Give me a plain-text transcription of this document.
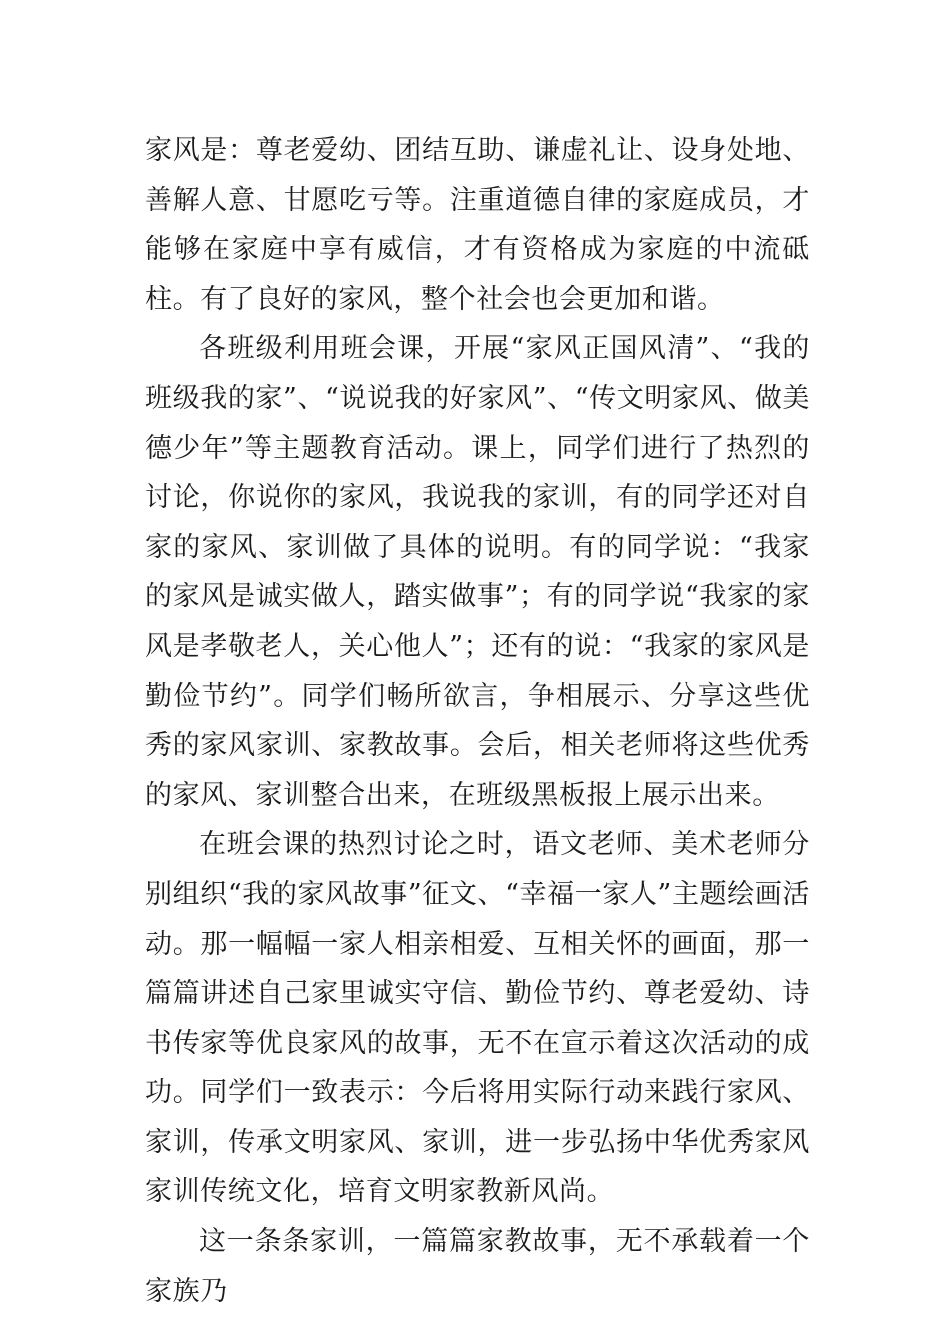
家风是：尊老爱幼、团结互助、谦虚礼让、设身处地、善解人意、甘愿吃亏等。注重道德自律的家庭成员，才能够在家庭中享有威信，才有资格成为家庭的中流砥柱。有了良好的家风，整个社会也会更加和谐。

各班级利用班会课，开展“家风正国风清”、“我的班级我的家”、“说说我的好家风”、“传文明家风、做美德少年”等主题教育活动。课上，同学们进行了热烈的讨论，你说你的家风，我说我的家训，有的同学还对自家的家风、家训做了具体的说明。有的同学说：“我家的家风是诚实做人，踏实做事”；有的同学说“我家的家风是孝敬老人，关心他人”；还有的说：“我家的家风是勤俭节约”。同学们畅所欲言，争相展示、分享这些优秀的家风家训、家教故事。会后，相关老师将这些优秀的家风、家训整合出来，在班级黑板报上展示出来。

在班会课的热烈讨论之时，语文老师、美术老师分别组织“我的家风故事”征文、“幸福一家人”主题绘画活动。那一幅幅一家人相亲相爱、互相关怀的画面，那一篇篇讲述自己家里诚实守信、勤俭节约、尊老爱幼、诗书传家等优良家风的故事，无不在宣示着这次活动的成功。同学们一致表示：今后将用实际行动来践行家风、家训，传承文明家风、家训，进一步弘扬中华优秀家风家训传统文化，培育文明家教新风尚。

这一条条家训，一篇篇家教故事，无不承载着一个家族乃
